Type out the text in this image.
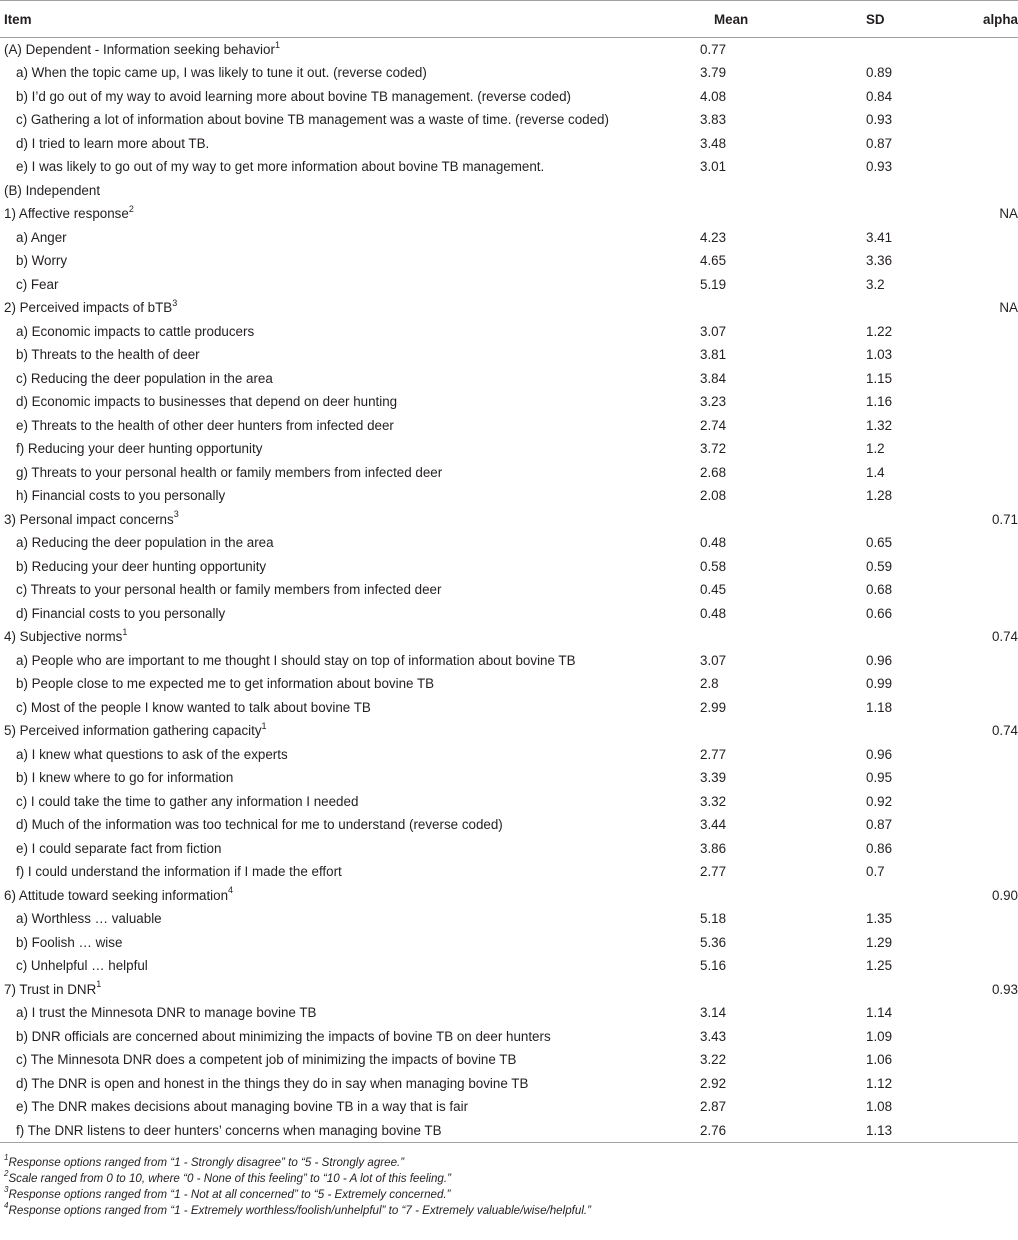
Item	Mean	SD	alpha
(A) Dependent - Information seeking behavior$^1$	0.77		
a) When the topic came up, I was likely to tune it out. (reverse coded)	3.79	0.89	
b) I’d go out of my way to avoid learning more about bovine TB management. (reverse coded)	4.08	0.84	
c) Gathering a lot of information about bovine TB management was a waste of time. (reverse coded)	3.83	0.93	
d) I tried to learn more about TB.	3.48	0.87	
e) I was likely to go out of my way to get more information about bovine TB management.	3.01	0.93	
(B) Independent			
1) Affective response$^2$			NA
a) Anger	4.23	3.41	
b) Worry	4.65	3.36	
c) Fear	5.19	3.2	
2) Perceived impacts of bTB$^3$			NA
a) Economic impacts to cattle producers	3.07	1.22	
b) Threats to the health of deer	3.81	1.03	
c) Reducing the deer population in the area	3.84	1.15	
d) Economic impacts to businesses that depend on deer hunting	3.23	1.16	
e) Threats to the health of other deer hunters from infected deer	2.74	1.32	
f) Reducing your deer hunting opportunity	3.72	1.2	
g) Threats to your personal health or family members from infected deer	2.68	1.4	
h) Financial costs to you personally	2.08	1.28	
3) Personal impact concerns$^3$			0.71
a) Reducing the deer population in the area	0.48	0.65	
b) Reducing your deer hunting opportunity	0.58	0.59	
c) Threats to your personal health or family members from infected deer	0.45	0.68	
d) Financial costs to you personally	0.48	0.66	
4) Subjective norms$^1$			0.74
a) People who are important to me thought I should stay on top of information about bovine TB	3.07	0.96	
b) People close to me expected me to get information about bovine TB	2.8	0.99	
c) Most of the people I know wanted to talk about bovine TB	2.99	1.18	
5) Perceived information gathering capacity$^1$			0.74
a) I knew what questions to ask of the experts	2.77	0.96	
b) I knew where to go for information	3.39	0.95	
c) I could take the time to gather any information I needed	3.32	0.92	
d) Much of the information was too technical for me to understand (reverse coded)	3.44	0.87	
e) I could separate fact from fiction	3.86	0.86	
f) I could understand the information if I made the effort	2.77	0.7	
6) Attitude toward seeking information$^4$			0.90
a) Worthless … valuable	5.18	1.35	
b) Foolish … wise	5.36	1.29	
c) Unhelpful … helpful	5.16	1.25	
7) Trust in DNR$^1$			0.93
a) I trust the Minnesota DNR to manage bovine TB	3.14	1.14	
b) DNR officials are concerned about minimizing the impacts of bovine TB on deer hunters	3.43	1.09	
c) The Minnesota DNR does a competent job of minimizing the impacts of bovine TB	3.22	1.06	
d) The DNR is open and honest in the things they do in say when managing bovine TB	2.92	1.12	
e) The DNR makes decisions about managing bovine TB in a way that is fair	2.87	1.08	
f) The DNR listens to deer hunters’ concerns when managing bovine TB	2.76	1.13	
$^1$Response options ranged from “1 - Strongly disagree” to “5 - Strongly agree.”
$^2$Scale ranged from 0 to 10, where “0 - None of this feeling” to “10 - A lot of this feeling.”
$^3$Response options ranged from “1 - Not at all concerned” to “5 - Extremely concerned.”
$^4$Response options ranged from “1 - Extremely worthless/foolish/unhelpful” to “7 - Extremely valuable/wise/helpful.”
